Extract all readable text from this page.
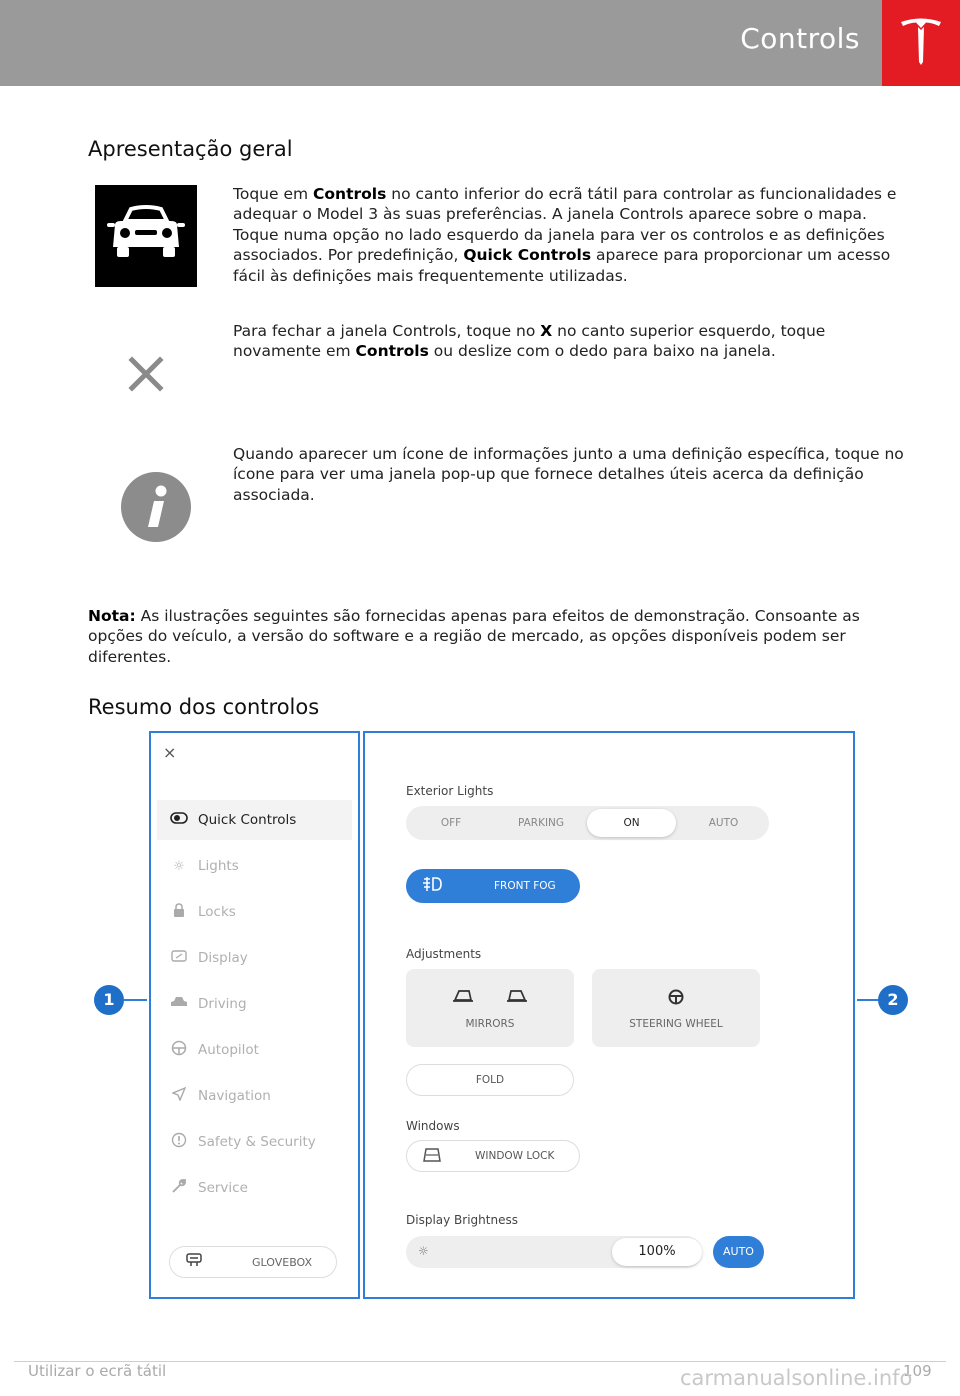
Controls
Apresentação geral

Toque em Controls no canto inferior do ecrã tátil para controlar as funcionalidades e adequar o Model 3 às suas preferências. A janela Controls aparece sobre o mapa. Toque numa opção no lado esquerdo da janela para ver os controlos e as definições associados. Por predefinição, Quick Controls aparece para proporcionar um acesso fácil às definições mais frequentemente utilizadas.

Para fechar a janela Controls, toque no X no canto superior esquerdo, toque novamente em Controls ou deslize com o dedo para baixo na janela.

Quando aparecer um ícone de informações junto a uma definição específica, toque no ícone para ver uma janela pop-up que fornece detalhes úteis acerca da definição associada.

Nota: As ilustrações seguintes são fornecidas apenas para efeitos de demonstração. Consoante as opções do veículo, a versão do software e a região de mercado, as opções disponíveis podem ser diferentes.

Resumo dos controlos
1	2
×
Quick Controls
☼ Lights
Locks
Display
Driving
Autopilot
Navigation
Safety & Security
Service
GLOVEBOX
Exterior Lights
OFF	PARKING	ON	AUTO
FRONT FOG
Adjustments
MIRRORS	STEERING WHEEL
FOLD
Windows
WINDOW LOCK
Display Brightness
☼	100%	AUTO
Utilizar o ecrã tátil	109
carmanualsonline.info
